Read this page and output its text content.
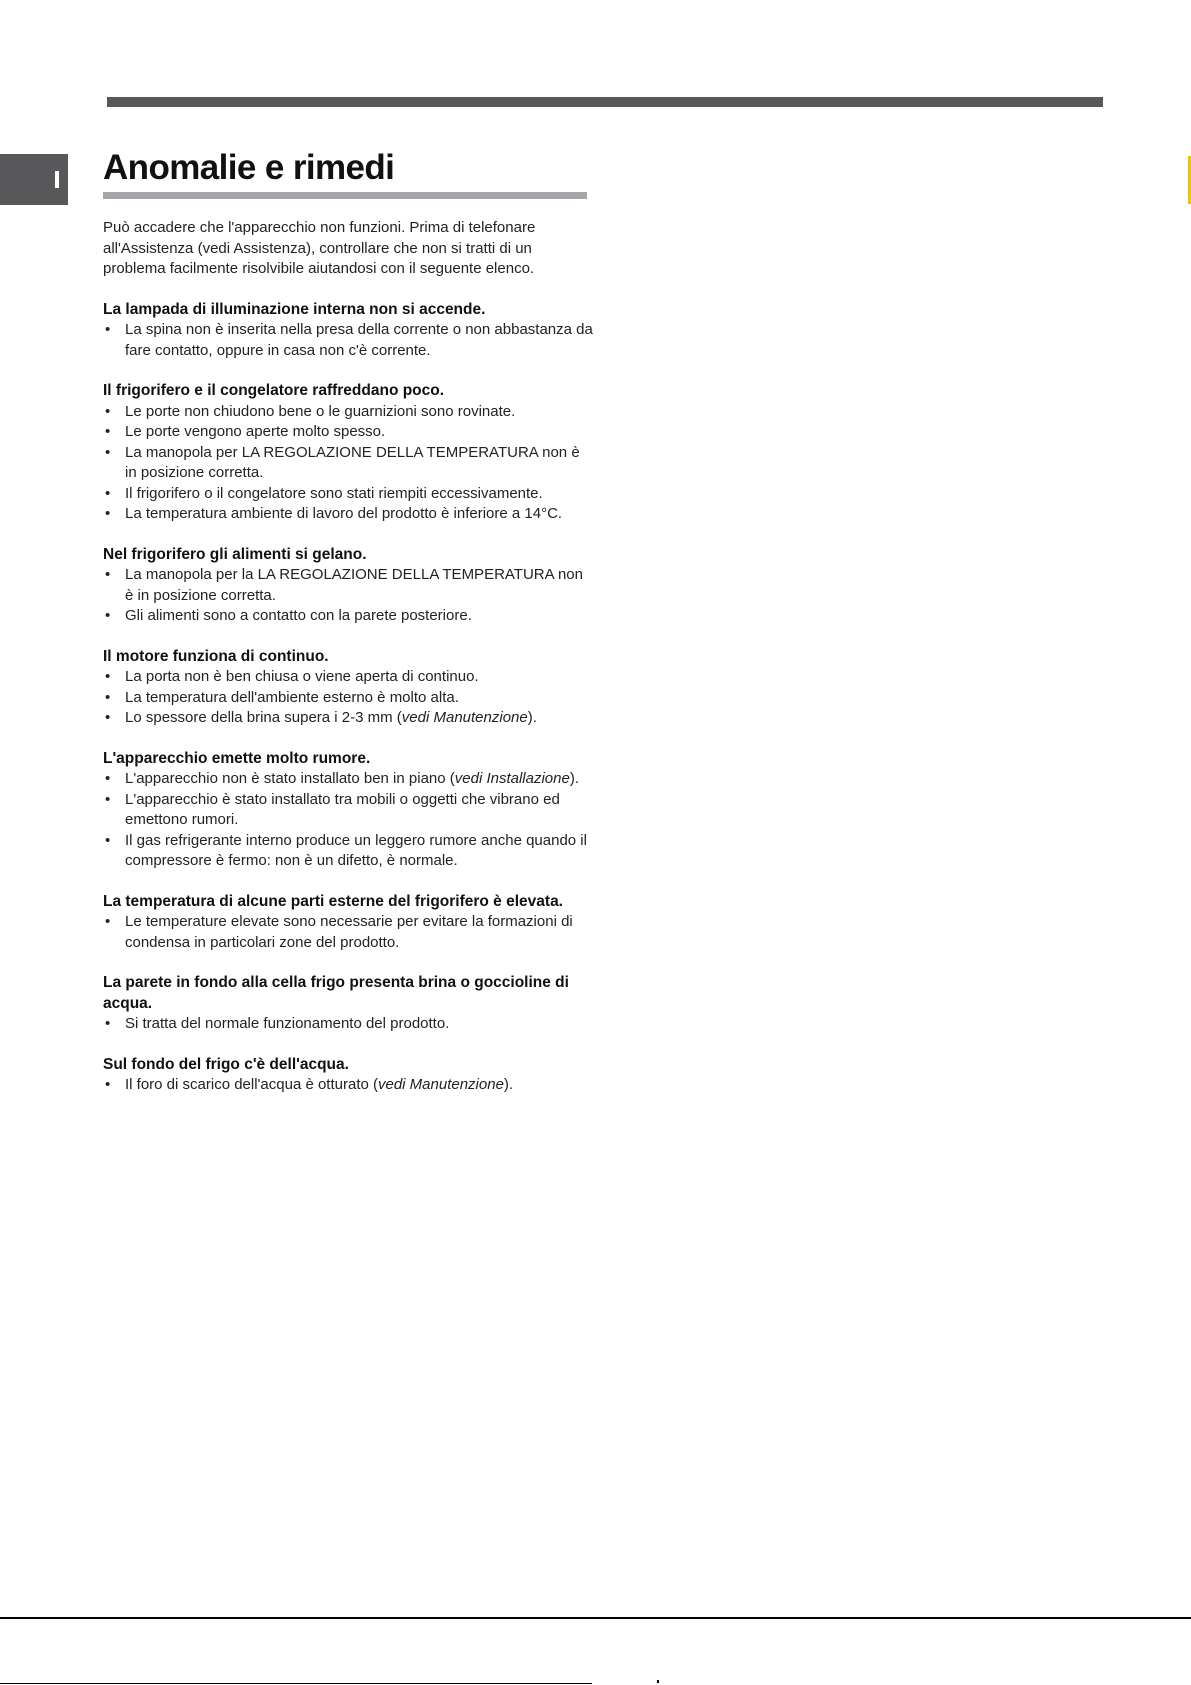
Anomalie e rimedi

Può accadere che l'apparecchio non funzioni. Prima di telefonare all'Assistenza (vedi Assistenza), controllare che non si tratti di un problema facilmente risolvibile aiutandosi con il seguente elenco.

La lampada di illuminazione interna non si accende.
• La spina non è inserita nella presa della corrente o non abbastanza da fare contatto, oppure in casa non c'è corrente.
Il frigorifero e il congelatore raffreddano poco.
• Le porte non chiudono bene o le guarnizioni sono rovinate.
• Le porte vengono aperte molto spesso.
• La manopola per LA REGOLAZIONE DELLA TEMPERATURA non è in posizione corretta.
• Il frigorifero o il congelatore sono stati riempiti eccessivamente.
• La temperatura ambiente di lavoro del prodotto è inferiore a 14°C.
Nel frigorifero gli alimenti si gelano.
• La manopola per la LA REGOLAZIONE DELLA TEMPERATURA non è in posizione corretta.
• Gli alimenti sono a contatto con la parete posteriore.
Il motore funziona di continuo.
• La porta non è ben chiusa o viene aperta di continuo.
• La temperatura dell'ambiente esterno è molto alta.
• Lo spessore della brina supera i 2-3 mm (vedi Manutenzione).
L'apparecchio emette molto rumore.
• L'apparecchio non è stato installato ben in piano (vedi Installazione).
• L'apparecchio è stato installato tra mobili o oggetti che vibrano ed emettono rumori.
• Il gas refrigerante interno produce un leggero rumore anche quando il compressore è fermo: non è un difetto, è normale.
La temperatura di alcune parti esterne del frigorifero è elevata.
• Le temperature elevate sono necessarie per evitare la formazioni di condensa in particolari zone del prodotto.
La parete in fondo alla cella frigo presenta brina o goccioline di acqua.
• Si tratta del normale funzionamento del prodotto.
Sul fondo del frigo c'è dell'acqua.
• Il foro di scarico dell'acqua è otturato (vedi Manutenzione).
